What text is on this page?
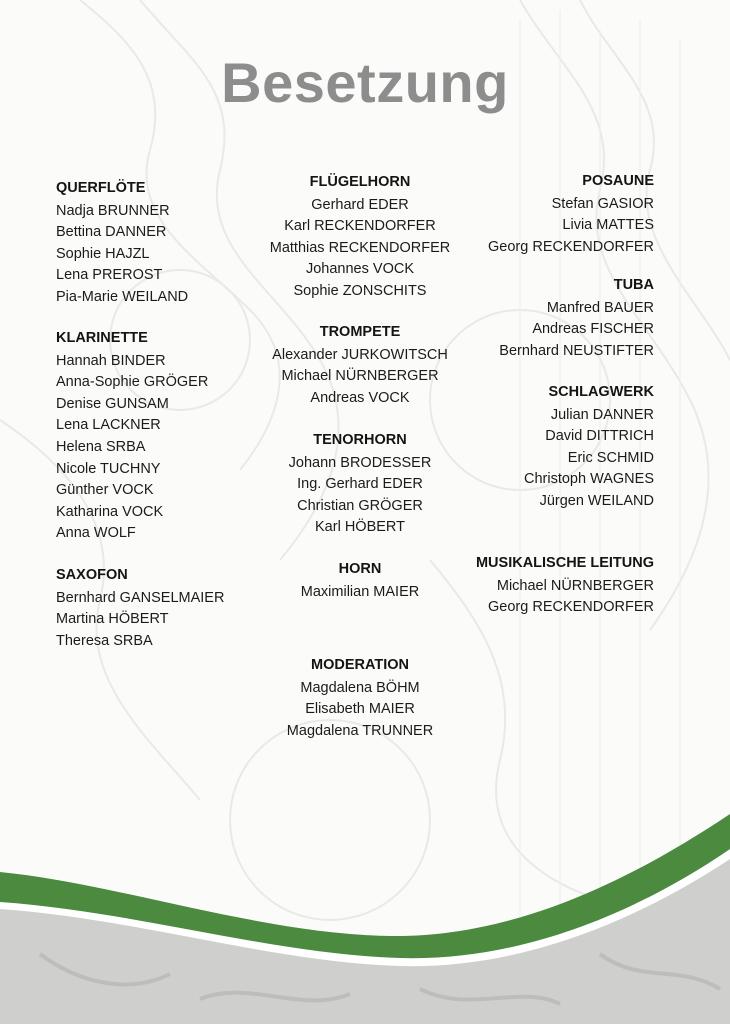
Besetzung
QUERFLÖTE
Nadja BRUNNER
Bettina DANNER
Sophie HAJZL
Lena PREROST
Pia-Marie WEILAND
KLARINETTE
Hannah BINDER
Anna-Sophie GRÖGER
Denise GUNSAM
Lena LACKNER
Helena SRBA
Nicole TUCHNY
Günther VOCK
Katharina VOCK
Anna WOLF
SAXOFON
Bernhard GANSELMAIER
Martina HÖBERT
Theresa SRBA
FLÜGELHORN
Gerhard EDER
Karl RECKENDORFER
Matthias RECKENDORFER
Johannes VOCK
Sophie ZONSCHITS
TROMPETE
Alexander JURKOWITSCH
Michael NÜRNBERGER
Andreas VOCK
TENORHORN
Johann BRODESSER
Ing. Gerhard EDER
Christian GRÖGER
Karl HÖBERT
HORN
Maximilian MAIER
MODERATION
Magdalena BÖHM
Elisabeth MAIER
Magdalena TRUNNER
POSAUNE
Stefan GASIOR
Livia MATTES
Georg RECKENDORFER
TUBA
Manfred BAUER
Andreas FISCHER
Bernhard NEUSTIFTER
SCHLAGWERK
Julian DANNER
David DITTRICH
Eric SCHMID
Christoph WAGNES
Jürgen WEILAND
MUSIKALISCHE LEITUNG
Michael NÜRNBERGER
Georg RECKENDORFER
